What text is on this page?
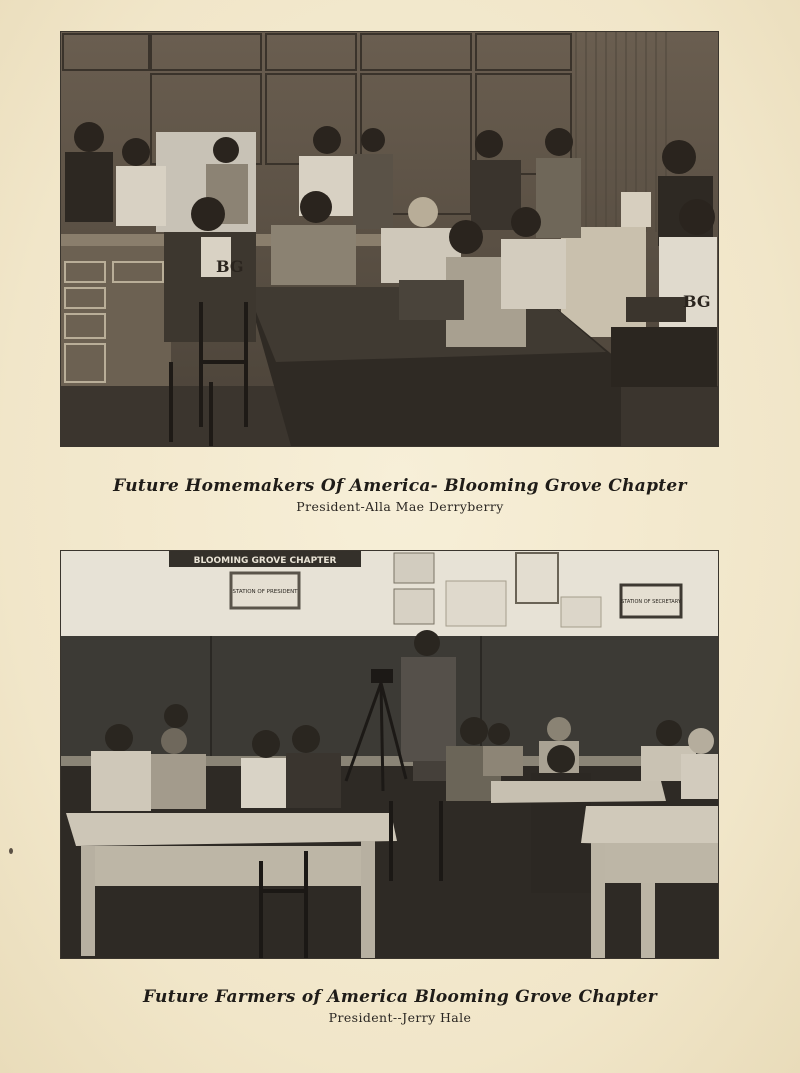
BG
BG
Future Homemakers Of America- Blooming Grove Chapter
President-Alla Mae Derryberry
BLOOMING GROVE CHAPTER
STATION OF PRESIDENT
STATION OF SECRETARY
Future Farmers of America Blooming Grove Chapter
President--Jerry Hale
